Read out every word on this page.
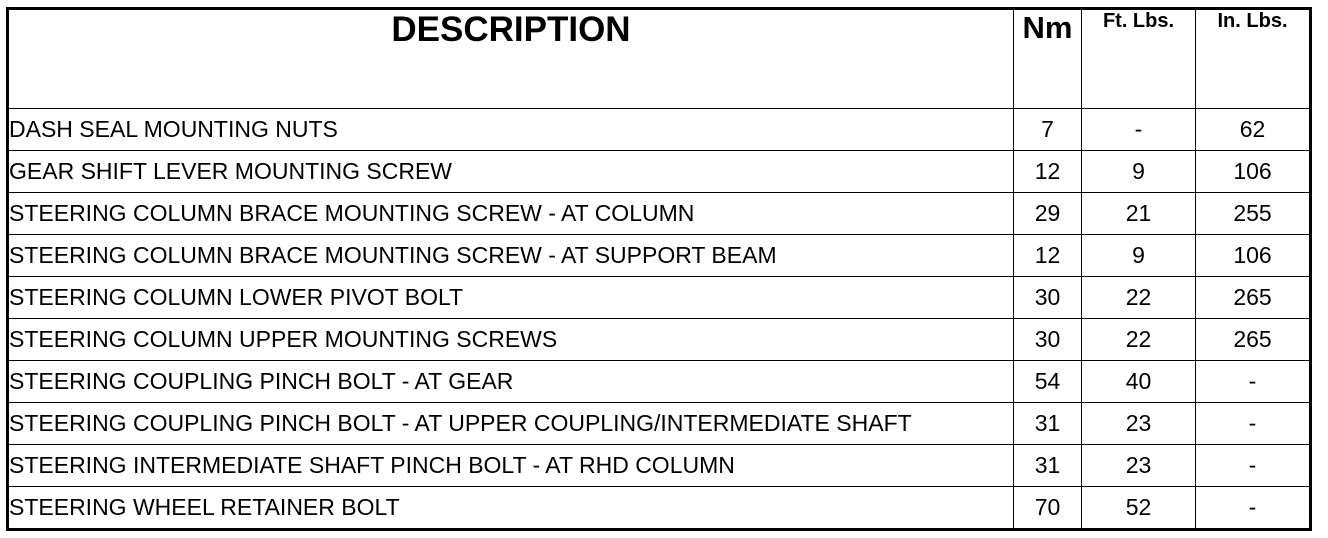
DESCRIPTION	Nm	Ft. Lbs.	In. Lbs.
DASH SEAL MOUNTING NUTS	7	-	62
GEAR SHIFT LEVER MOUNTING SCREW	12	9	106
STEERING COLUMN BRACE MOUNTING SCREW - AT COLUMN	29	21	255
STEERING COLUMN BRACE MOUNTING SCREW - AT SUPPORT BEAM	12	9	106
STEERING COLUMN LOWER PIVOT BOLT	30	22	265
STEERING COLUMN UPPER MOUNTING SCREWS	30	22	265
STEERING COUPLING PINCH BOLT - AT GEAR	54	40	-
STEERING COUPLING PINCH BOLT - AT UPPER COUPLING/INTERMEDIATE SHAFT	31	23	-
STEERING INTERMEDIATE SHAFT PINCH BOLT - AT RHD COLUMN	31	23	-
STEERING WHEEL RETAINER BOLT	70	52	-
